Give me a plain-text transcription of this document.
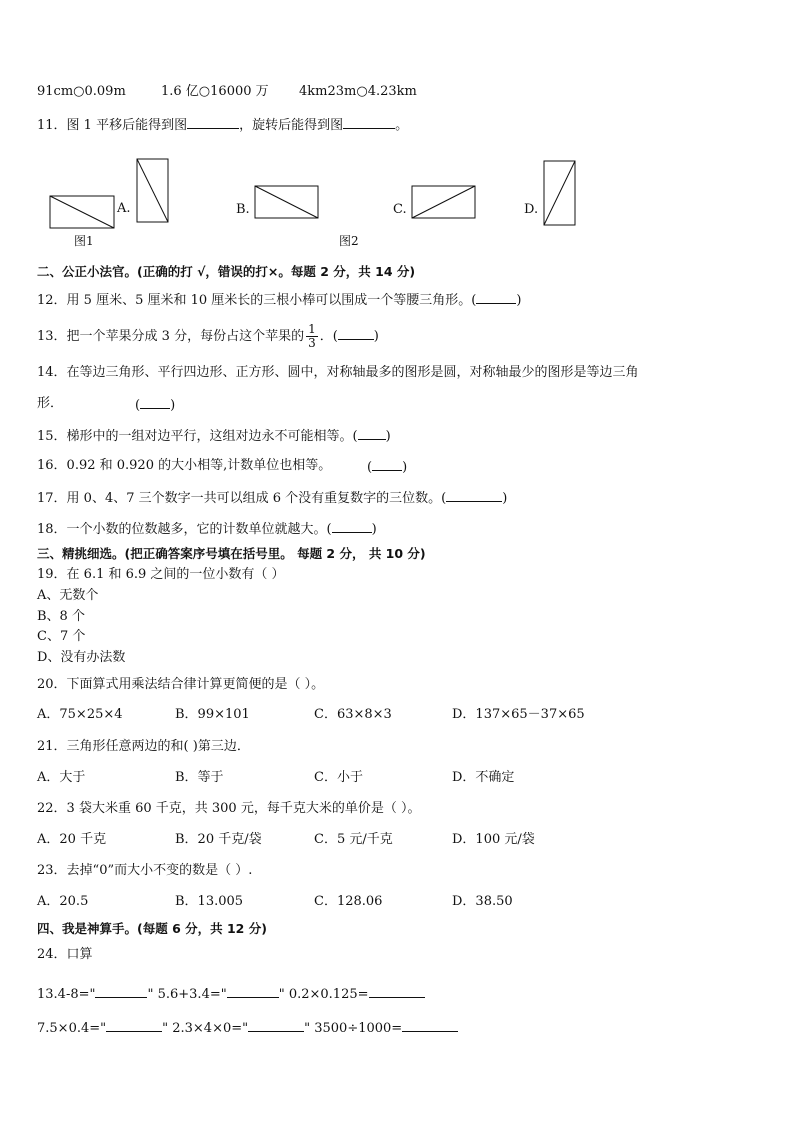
91cm○0.09m	1.6 亿○16000 万 4km23m○4.23km
11．图 1 平移后能得到图	，旋转后能得到图	。
A.	B.	C.	D.
图1	图2
二、公正小法官。(正确的打 √，错误的打×。每题 2 分，共 14 分)
12．用 5 厘米、5 厘米和 10 厘米长的三根小棒可以围成一个等腰三角形。(	)
13．把一个苹果分成 3 分，每份占这个苹果的 $\frac{1}{3}$ ．(	)
14．在等边三角形、平行四边形、正方形、圆中，对称轴最多的图形是圆，对称轴最少的图形是等边三角
形．	( )
15．梯形中的一组对边平行，这组对边永不可能相等。( )
16．0.92 和 0.920 的大小相等,计数单位也相等。	( )
17．用 0、4、7 三个数字一共可以组成 6 个没有重复数字的三位数。(	)
18．一个小数的位数越多，它的计数单位就越大。(	)
三、精挑细选。(把正确答案序号填在括号里。 每题 2 分， 共 10 分)
19．在 6.1 和 6.9 之间的一位小数有（ ）
A、无数个
B、8 个
C、7 个
D、没有办法数
20．下面算式用乘法结合律计算更简便的是（ ）。
A．75×25×4	B．99×101	C．63×8×3	D．137×65－37×65
21．三角形任意两边的和( )第三边．
A．大于	B．等于	C．小于	D．不确定
22．3 袋大米重 60 千克，共 300 元，每千克大米的单价是（ ）。
A．20 千克	B．20 千克/袋	C．5 元/千克	D．100 元/袋
23．去掉“0”而大小不变的数是（ ）.
A．20.5	B．13.005	C．128.06	D．38.50
四、我是神算手。(每题 6 分，共 12 分)
24．口算
13.4-8="	" 5.6+3.4="	" 0.2×0.125=
7.5×0.4="	" 2.3×4×0="	" 3500÷1000=
